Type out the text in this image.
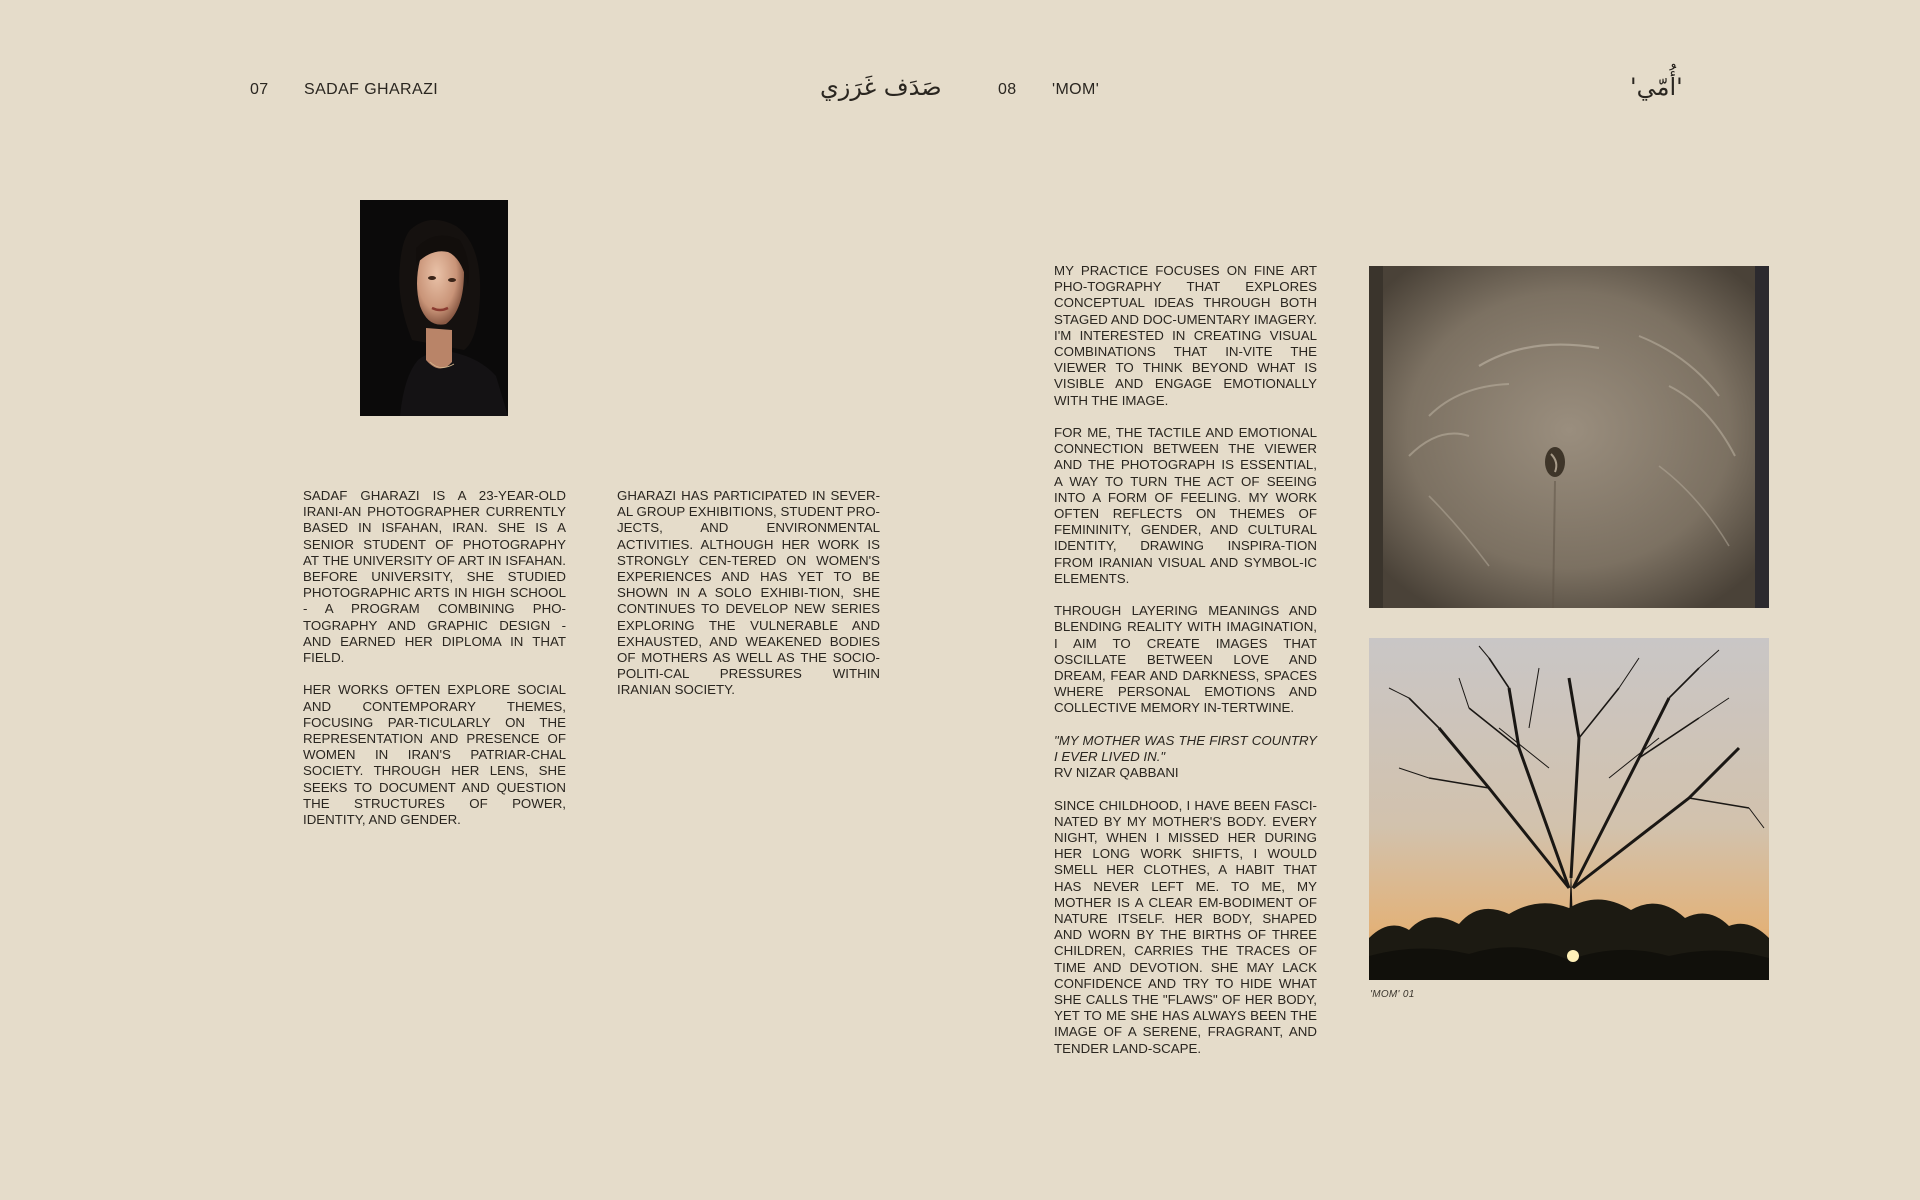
07 SADAF GHARAZI	صَدَف غَرَزي	08 'MOM'	'أُمّي'

SADAF GHARAZI IS A 23-YEAR-OLD IRANI-AN PHOTOGRAPHER CURRENTLY BASED IN ISFAHAN, IRAN. SHE IS A SENIOR STUDENT OF PHOTOGRAPHY AT THE UNIVERSITY OF ART IN ISFAHAN. BEFORE UNIVERSITY, SHE STUDIED PHOTOGRAPHIC ARTS IN HIGH SCHOOL - A PROGRAM COMBINING PHO-TOGRAPHY AND GRAPHIC DESIGN - AND EARNED HER DIPLOMA IN THAT FIELD.

HER WORKS OFTEN EXPLORE SOCIAL AND CONTEMPORARY THEMES, FOCUSING PAR-TICULARLY ON THE REPRESENTATION AND PRESENCE OF WOMEN IN IRAN'S PATRIAR-CHAL SOCIETY. THROUGH HER LENS, SHE SEEKS TO DOCUMENT AND QUESTION THE STRUCTURES OF POWER, IDENTITY, AND GENDER.

GHARAZI HAS PARTICIPATED IN SEVER-AL GROUP EXHIBITIONS, STUDENT PRO-JECTS, AND ENVIRONMENTAL ACTIVITIES. ALTHOUGH HER WORK IS STRONGLY CEN-TERED ON WOMEN'S EXPERIENCES AND HAS YET TO BE SHOWN IN A SOLO EXHIBI-TION, SHE CONTINUES TO DEVELOP NEW SERIES EXPLORING THE VULNERABLE AND EXHAUSTED, AND WEAKENED BODIES OF MOTHERS AS WELL AS THE SOCIO-POLITI-CAL PRESSURES WITHIN IRANIAN SOCIETY.

MY PRACTICE FOCUSES ON FINE ART PHO-TOGRAPHY THAT EXPLORES CONCEPTUAL IDEAS THROUGH BOTH STAGED AND DOC-UMENTARY IMAGERY. I'M INTERESTED IN CREATING VISUAL COMBINATIONS THAT IN-VITE THE VIEWER TO THINK BEYOND WHAT IS VISIBLE AND ENGAGE EMOTIONALLY WITH THE IMAGE.

FOR ME, THE TACTILE AND EMOTIONAL CONNECTION BETWEEN THE VIEWER AND THE PHOTOGRAPH IS ESSENTIAL, A WAY TO TURN THE ACT OF SEEING INTO A FORM OF FEELING. MY WORK OFTEN REFLECTS ON THEMES OF FEMININITY, GENDER, AND CULTURAL IDENTITY, DRAWING INSPIRA-TION FROM IRANIAN VISUAL AND SYMBOL-IC ELEMENTS.

THROUGH LAYERING MEANINGS AND BLENDING REALITY WITH IMAGINATION, I AIM TO CREATE IMAGES THAT OSCILLATE BETWEEN LOVE AND DREAM, FEAR AND DARKNESS, SPACES WHERE PERSONAL EMOTIONS AND COLLECTIVE MEMORY IN-TERTWINE.

"MY MOTHER WAS THE FIRST COUNTRY I EVER LIVED IN."

RV NIZAR QABBANI

SINCE CHILDHOOD, I HAVE BEEN FASCI-NATED BY MY MOTHER'S BODY. EVERY NIGHT, WHEN I MISSED HER DURING HER LONG WORK SHIFTS, I WOULD SMELL HER CLOTHES, A HABIT THAT HAS NEVER LEFT ME. TO ME, MY MOTHER IS A CLEAR EM-BODIMENT OF NATURE ITSELF. HER BODY, SHAPED AND WORN BY THE BIRTHS OF THREE CHILDREN, CARRIES THE TRACES OF TIME AND DEVOTION. SHE MAY LACK CONFIDENCE AND TRY TO HIDE WHAT SHE CALLS THE "FLAWS" OF HER BODY, YET TO ME SHE HAS ALWAYS BEEN THE IMAGE OF A SERENE, FRAGRANT, AND TENDER LAND-SCAPE.

'MOM' 01
